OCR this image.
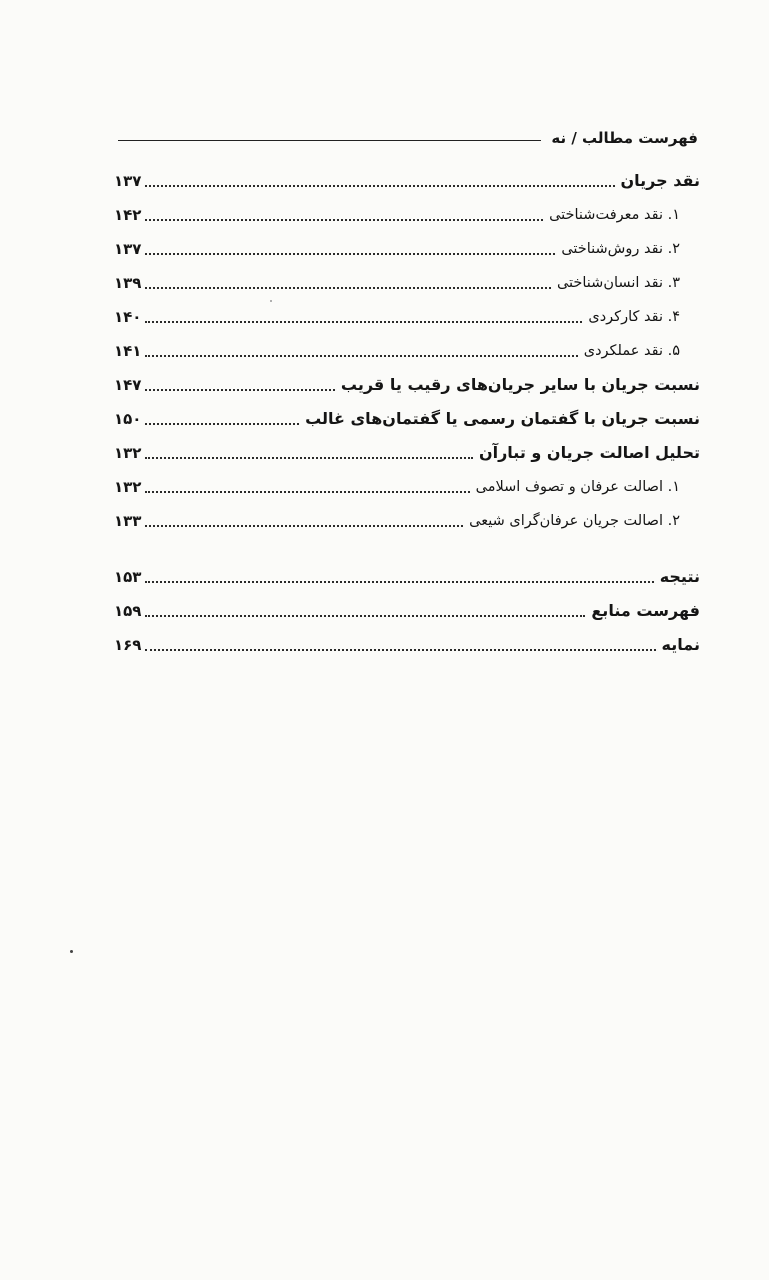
فهرست مطالب / نه
نقد جریان
۱۳۷
۱. نقد معرفت‌شناختی
۱۴۲
۲. نقد روش‌شناختی
۱۳۷
۳. نقد انسان‌شناختی
۱۳۹
۴. نقد کارکردی
۱۴۰
۵. نقد عملکردی
۱۴۱
نسبت جریان با سایر جریان‌های رقیب یا قریب
۱۴۷
نسبت جریان با گفتمان رسمی یا گفتمان‌های غالب
۱۵۰
تحلیل اصالت جریان و تبارآن
۱۳۲
۱. اصالت عرفان و تصوف اسلامی
۱۳۲
۲. اصالت جریان عرفان‌گرای شیعی
۱۳۳
نتیجه
۱۵۳
فهرست منابع
۱۵۹
نمایه
۱۶۹
